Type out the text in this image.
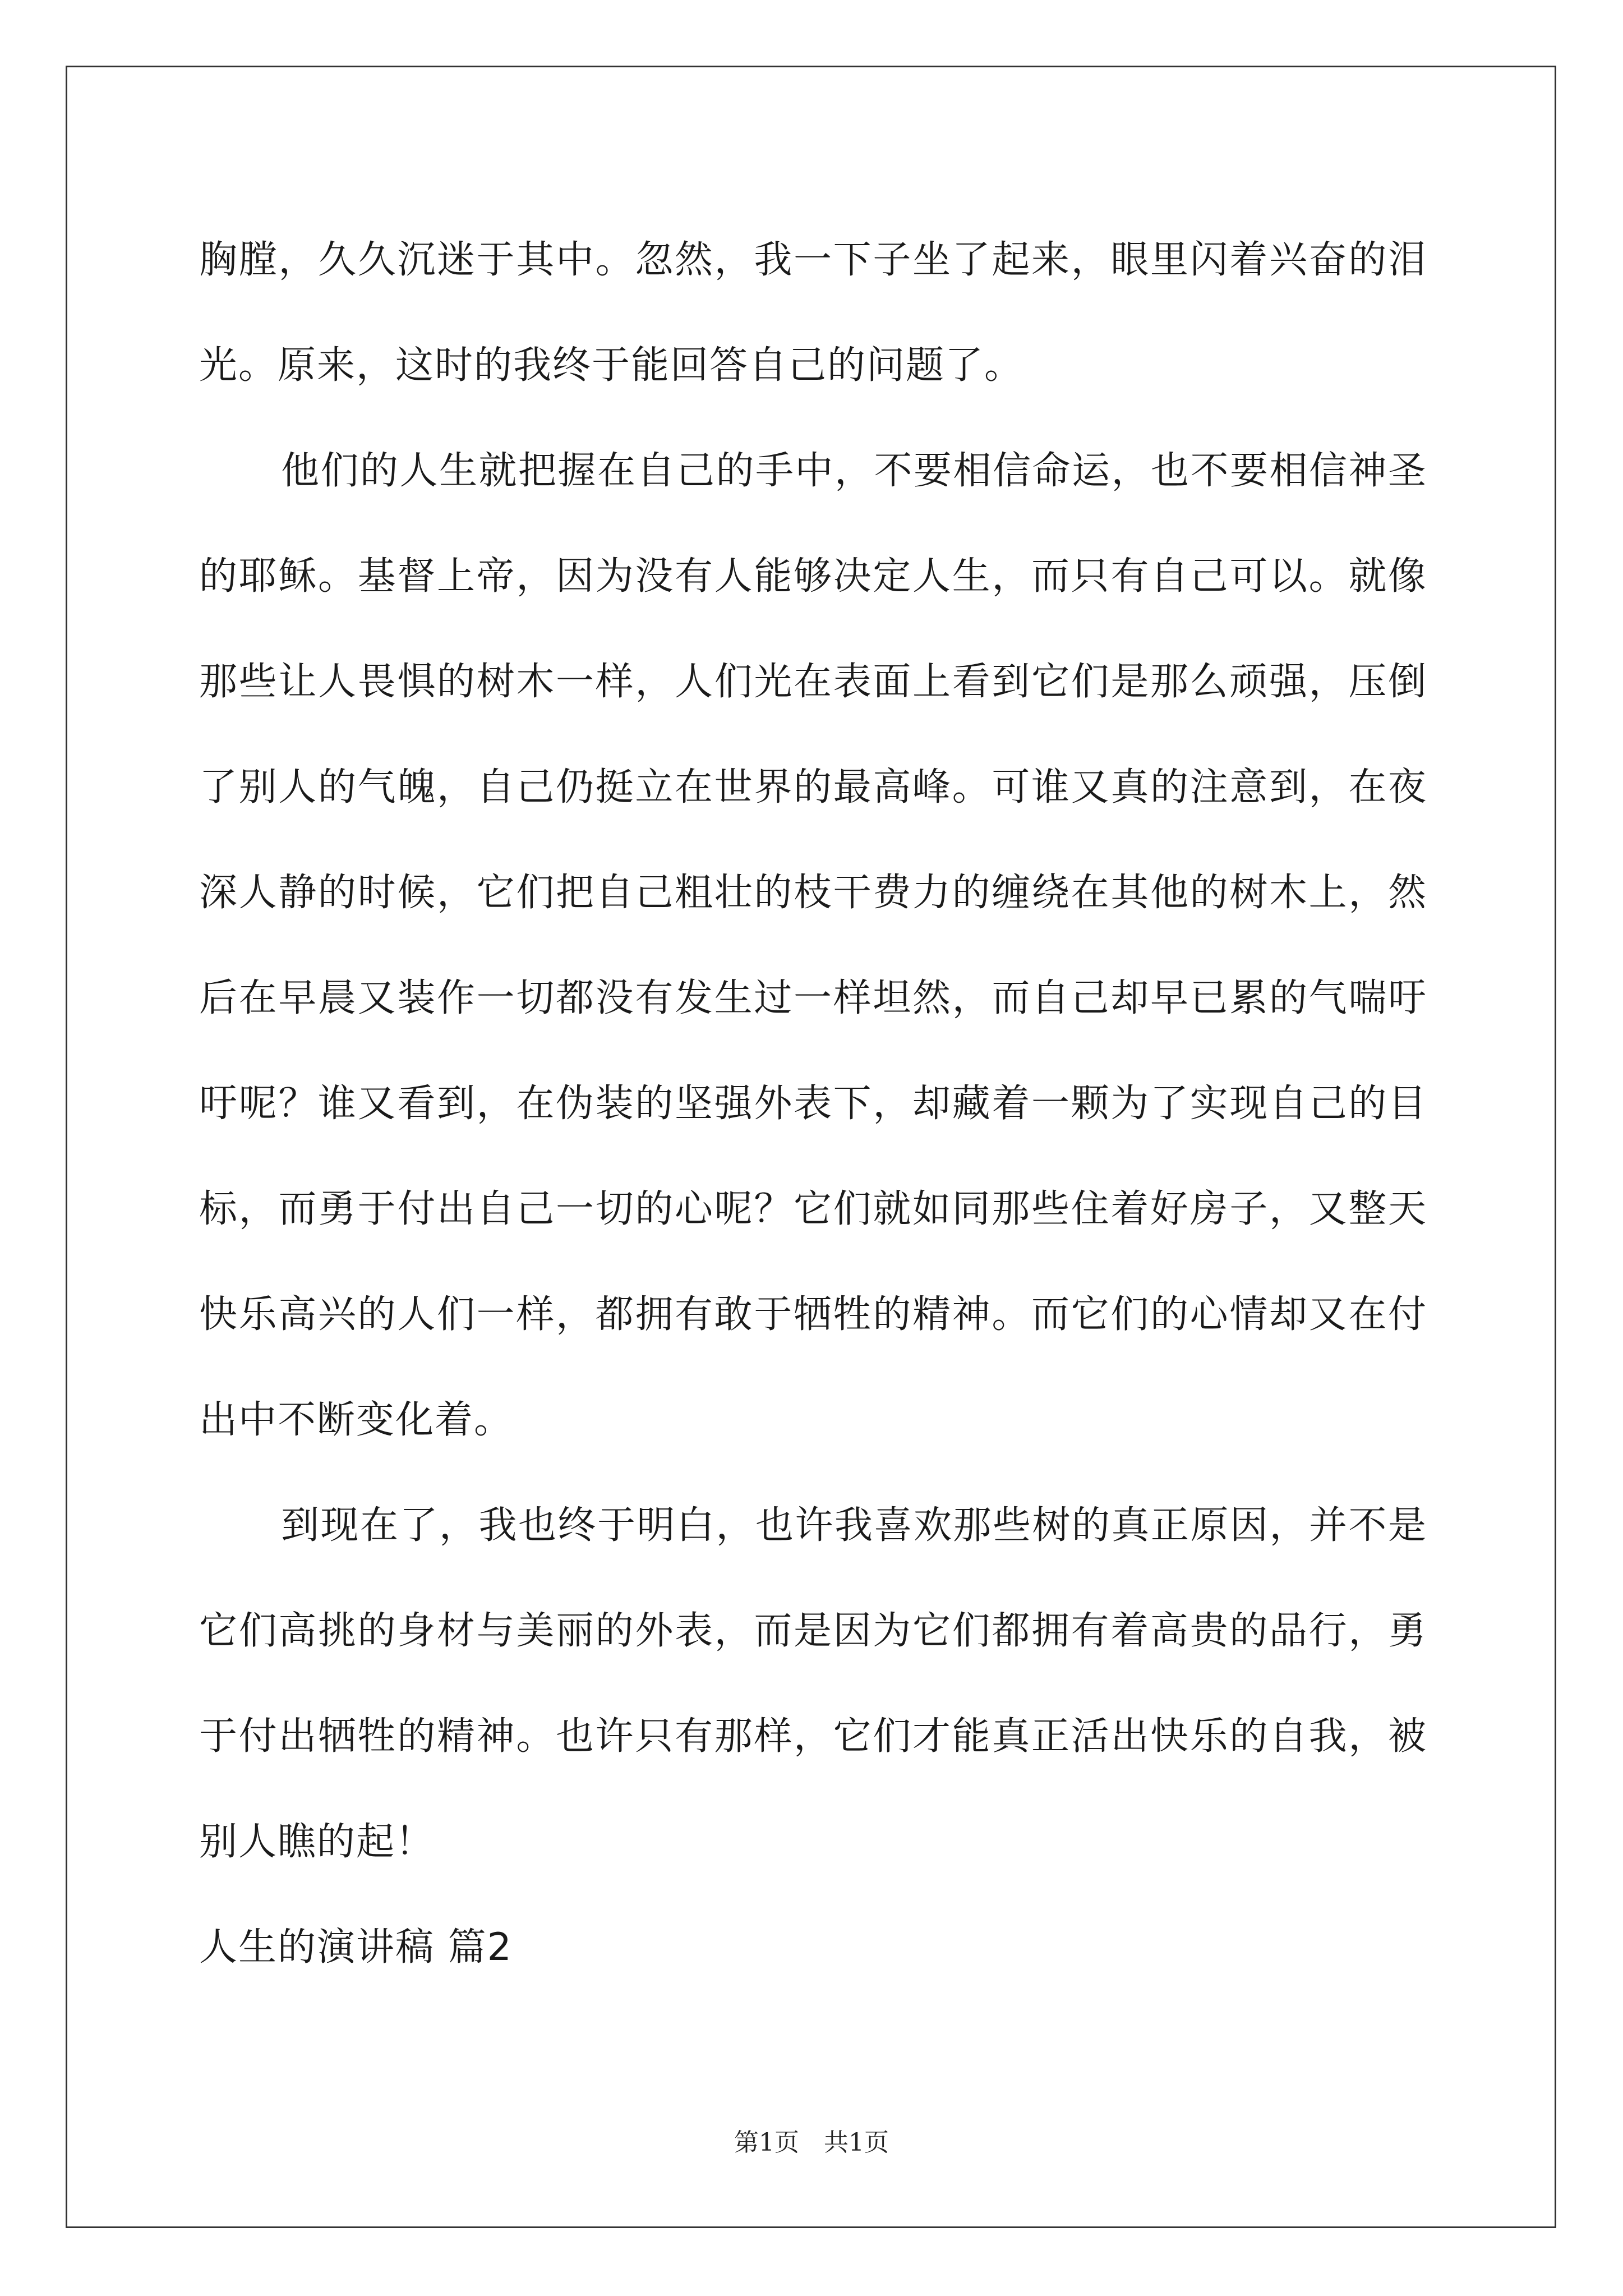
胸膛，久久沉迷于其中。忽然，我一下子坐了起来，眼里闪着兴奋的泪光。原来，这时的我终于能回答自己的问题了。

他们的人生就把握在自己的手中，不要相信命运，也不要相信神圣的耶稣。基督上帝，因为没有人能够决定人生，而只有自己可以。就像那些让人畏惧的树木一样，人们光在表面上看到它们是那么顽强，压倒了别人的气魄，自己仍挺立在世界的最高峰。可谁又真的注意到，在夜深人静的时候，它们把自己粗壮的枝干费力的缠绕在其他的树木上，然后在早晨又装作一切都没有发生过一样坦然，而自己却早已累的气喘吁吁呢？谁又看到，在伪装的坚强外表下，却藏着一颗为了实现自己的目标，而勇于付出自己一切的心呢？它们就如同那些住着好房子，又整天快乐高兴的人们一样，都拥有敢于牺牲的精神。而它们的心情却又在付出中不断变化着。

到现在了，我也终于明白，也许我喜欢那些树的真正原因，并不是它们高挑的身材与美丽的外表，而是因为它们都拥有着高贵的品行，勇于付出牺牲的精神。也许只有那样，它们才能真正活出快乐的自我，被别人瞧的起！

人生的演讲稿 篇2

第1页　共1页
